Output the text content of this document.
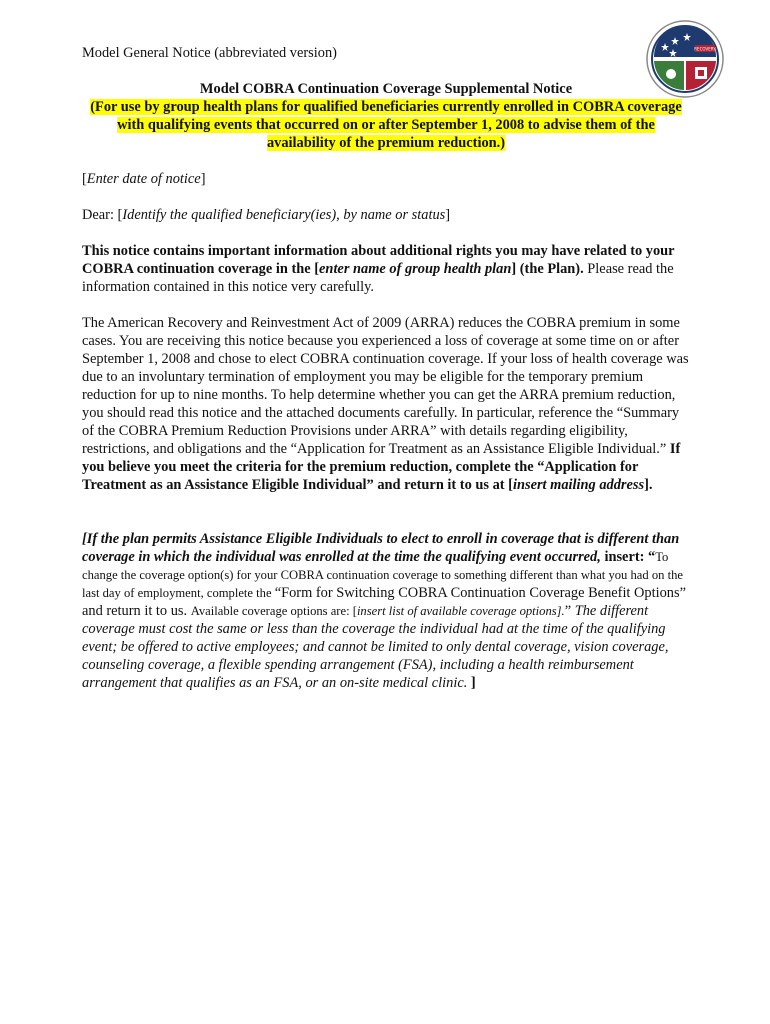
RECOVERY

Model General Notice (abbreviated version)

Model COBRA Continuation Coverage Supplemental Notice

(For use by group health plans for qualified beneficiaries currently enrolled in COBRA coverage with qualifying events that occurred on or after September 1, 2008 to advise them of the availability of the premium reduction.)

[Enter date of notice]

Dear: [Identify the qualified beneficiary(ies), by name or status]

This notice contains important information about additional rights you may have related to your COBRA continuation coverage in the [enter name of group health plan] (the Plan). Please read the information contained in this notice very carefully.

The American Recovery and Reinvestment Act of 2009 (ARRA) reduces the COBRA premium in some cases. You are receiving this notice because you experienced a loss of coverage at some time on or after September 1, 2008 and chose to elect COBRA continuation coverage. If your loss of health coverage was due to an involuntary termination of employment you may be eligible for the temporary premium reduction for up to nine months. To help determine whether you can get the ARRA premium reduction, you should read this notice and the attached documents carefully. In particular, reference the “Summary of the COBRA Premium Reduction Provisions under ARRA” with details regarding eligibility, restrictions, and obligations and the “Application for Treatment as an Assistance Eligible Individual.” If you believe you meet the criteria for the premium reduction, complete the “Application for Treatment as an Assistance Eligible Individual” and return it to us at [insert mailing address].

[If the plan permits Assistance Eligible Individuals to elect to enroll in coverage that is different than coverage in which the individual was enrolled at the time the qualifying event occurred, insert: “To change the coverage option(s) for your COBRA continuation coverage to something different than what you had on the last day of employment, complete the “Form for Switching COBRA Continuation Coverage Benefit Options” and return it to us. Available coverage options are: [insert list of available coverage options].” The different coverage must cost the same or less than the coverage the individual had at the time of the qualifying event; be offered to active employees; and cannot be limited to only dental coverage, vision coverage, counseling coverage, a flexible spending arrangement (FSA), including a health reimbursement arrangement that qualifies as an FSA, or an on-site medical clinic. ]
